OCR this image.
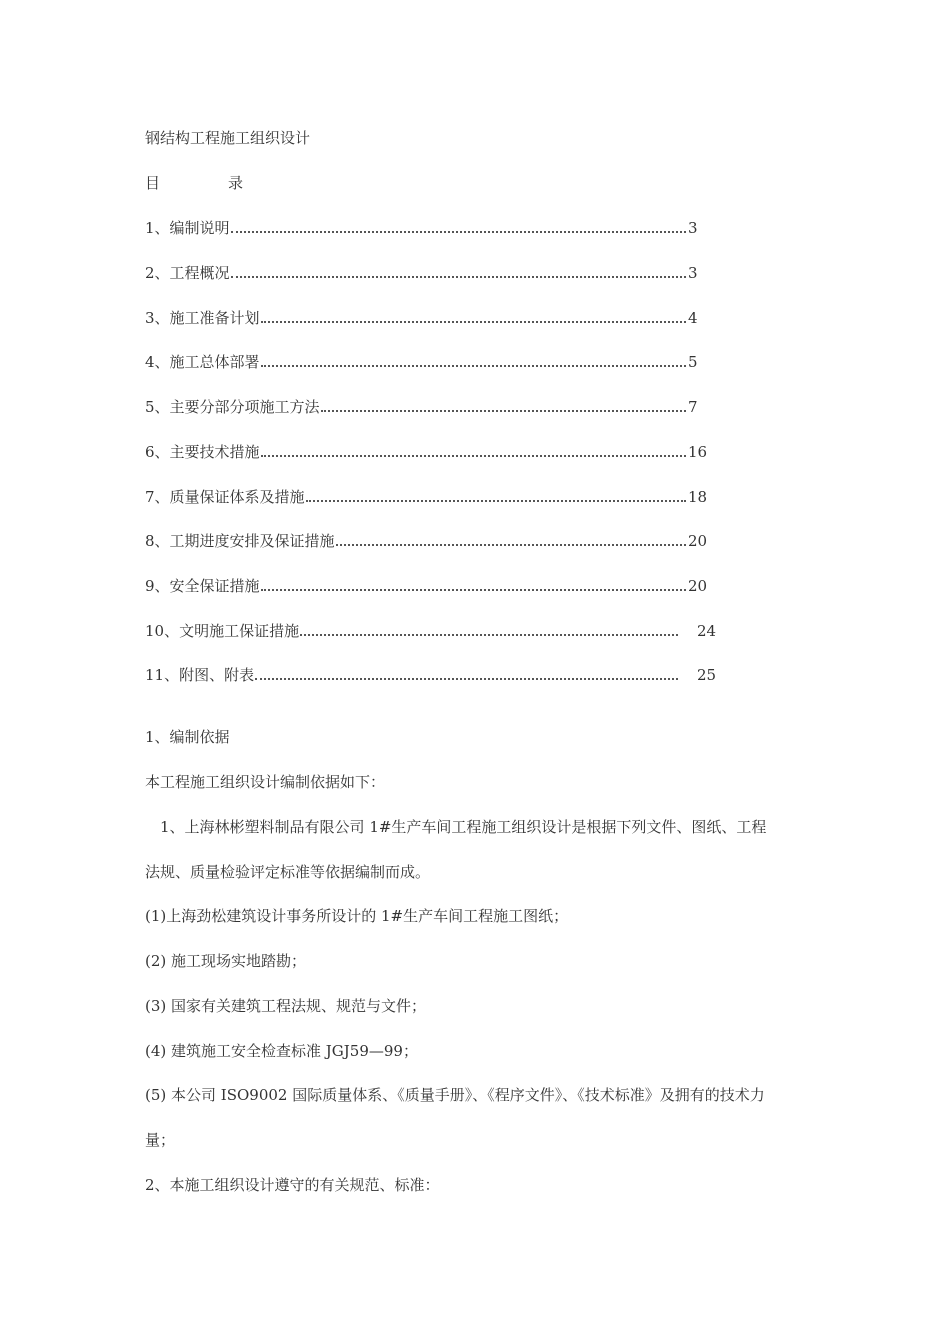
钢结构工程施工组织设计
目	录
1、编制说明	3
2、工程概况	3
3、施工准备计划	4
4、施工总体部署	5
5、主要分部分项施工方法	7
6、主要技术措施	16
7、质量保证体系及措施	18
8、工期进度安排及保证措施	20
9、安全保证措施	20
10、文明施工保证措施	24
11、附图、附表	25
1、编制依据
本工程施工组织设计编制依据如下：
1、上海林彬塑料制品有限公司 1#生产车间工程施工组织设计是根据下列文件、图纸、工程
法规、质量检验评定标准等依据编制而成。
(1)上海劲松建筑设计事务所设计的 1#生产车间工程施工图纸；
(2) 施工现场实地踏勘；
(3) 国家有关建筑工程法规、规范与文件；
(4) 建筑施工安全检查标准 JGJ59—99；
(5) 本公司 ISO9002 国际质量体系、《质量手册》、《程序文件》、《技术标准》及拥有的技术力
量；
2、本施工组织设计遵守的有关规范、标准：
